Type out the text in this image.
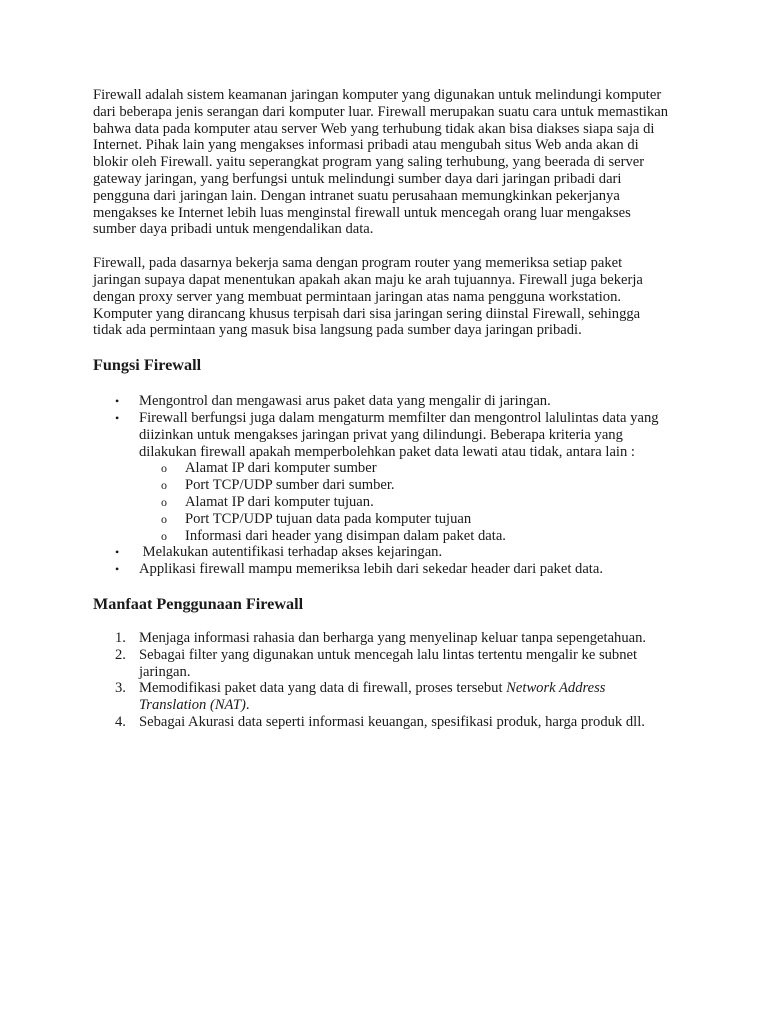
Firewall adalah sistem keamanan jaringan komputer yang digunakan untuk melindungi komputer dari beberapa jenis serangan dari komputer luar. Firewall merupakan suatu cara untuk memastikan bahwa data pada komputer atau server Web yang terhubung tidak akan bisa diakses siapa saja di Internet. Pihak lain yang mengakses informasi pribadi atau mengubah situs Web anda akan di blokir oleh Firewall. yaitu seperangkat program yang saling terhubung, yang beerada di server gateway jaringan, yang berfungsi untuk melindungi sumber daya dari jaringan pribadi dari pengguna dari jaringan lain. Dengan intranet suatu perusahaan memungkinkan pekerjanya mengakses ke Internet lebih luas menginstal firewall untuk mencegah orang luar mengakses sumber daya pribadi untuk mengendalikan data.

Firewall, pada dasarnya bekerja sama dengan program router yang memeriksa setiap paket jaringan supaya dapat menentukan apakah akan maju ke arah tujuannya. Firewall juga bekerja dengan proxy server yang membuat permintaan jaringan atas nama pengguna workstation. Komputer yang dirancang khusus terpisah dari sisa jaringan sering diinstal Firewall, sehingga tidak ada permintaan yang masuk bisa langsung pada sumber daya jaringan pribadi.

Fungsi Firewall
• Mengontrol dan mengawasi arus paket data yang mengalir di jaringan.
• Firewall berfungsi juga dalam mengaturm memfilter dan mengontrol lalulintas data yang diizinkan untuk mengakses jaringan privat yang dilindungi. Beberapa kriteria yang dilakukan firewall apakah memperbolehkan paket data lewati atau tidak, antara lain :
o Alamat IP dari komputer sumber
o Port TCP/UDP sumber dari sumber.
o Alamat IP dari komputer tujuan.
o Port TCP/UDP tujuan data pada komputer tujuan
o Informasi dari header yang disimpan dalam paket data.
• Melakukan autentifikasi terhadap akses kejaringan.
• Applikasi firewall mampu memeriksa lebih dari sekedar header dari paket data.
Manfaat Penggunaan Firewall
1. Menjaga informasi rahasia dan berharga yang menyelinap keluar tanpa sepengetahuan.
2. Sebagai filter yang digunakan untuk mencegah lalu lintas tertentu mengalir ke subnet jaringan.
3. Memodifikasi paket data yang data di firewall, proses tersebut Network Address Translation (NAT).
4. Sebagai Akurasi data seperti informasi keuangan, spesifikasi produk, harga produk dll.
